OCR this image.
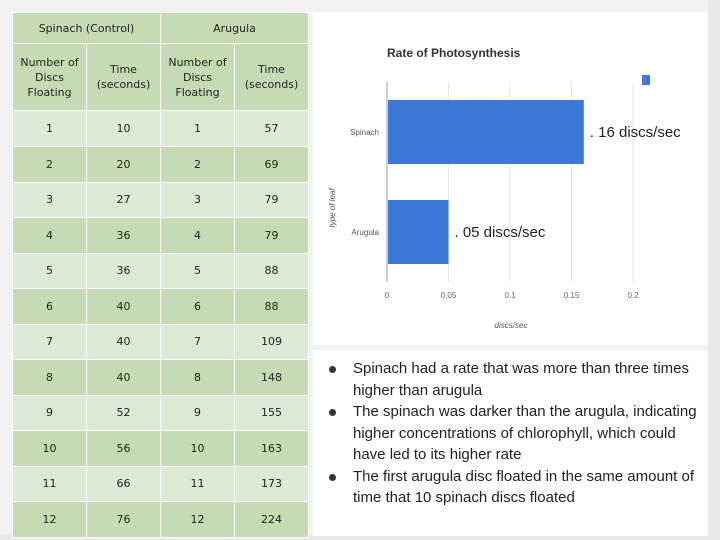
Spinach (Control)		Arugula	
Number of Discs Floating	Time (seconds)	Number of Discs Floating	Time (seconds)
1	10	1	57
2	20	2	69
3	27	3	79
4	36	4	79
5	36	5	88
6	40	6	88
7	40	7	109
8	40	8	148
9	52	9	155
10	56	10	163
11	66	11	173
12	76	12	224
Rate of Photosynthesis
type of leaf
discs/sec
0	0.05	0.1	0.15	0.2
Spinach	. 16 discs/sec
Arugula	. 05 discs/sec
Spinach had a rate that was more than three times higher than arugula
The spinach was darker than the arugula, indicating higher concentrations of chlorophyll, which could have led to its higher rate
The first arugula disc floated in the same amount of time that 10 spinach discs floated
